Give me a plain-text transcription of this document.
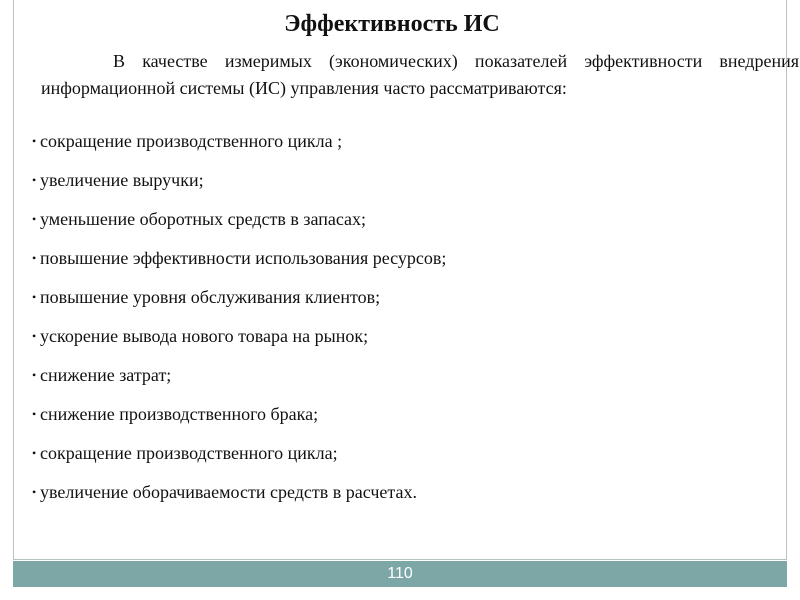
Эффективность ИС

В качестве измеримых (экономических) показателей эффективности внедрения информационной системы (ИС) управления часто рассматриваются:

• сокращение производственного цикла ;
• увеличение выручки;
• уменьшение оборотных средств в запасах;
• повышение эффективности использования ресурсов;
• повышение уровня обслуживания клиентов;
• ускорение вывода нового товара на рынок;
• снижение затрат;
• снижение производственного брака;
• сокращение производственного цикла;
• увеличение оборачиваемости средств в расчетах.
110
